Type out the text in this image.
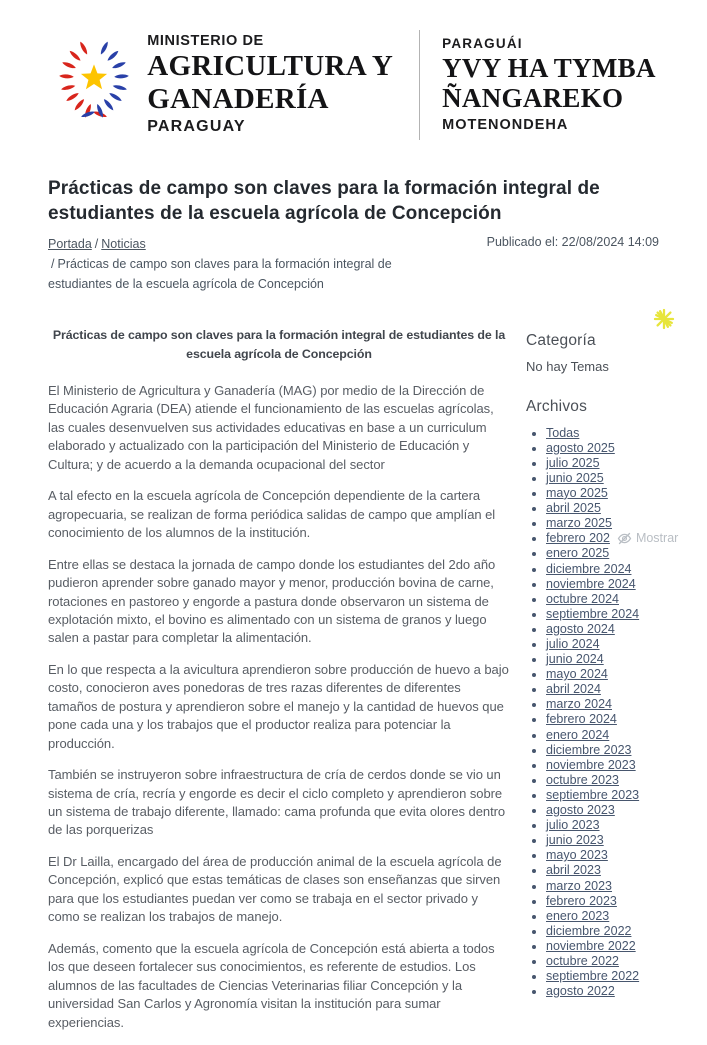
MINISTERIO DE
AGRICULTURA Y
GANADERÍA
PARAGUAY
PARAGUÁI
YVY HA TYMBA
ÑANGAREKO
MOTENONDEHA
Prácticas de campo son claves para la formación integral de estudiantes de la escuela agrícola de Concepción
Portada / Noticias
/ Prácticas de campo son claves para la formación integral de estudiantes de la escuela agrícola de Concepción
Publicado el: 22/08/2024 14:09
Prácticas de campo son claves para la formación integral de estudiantes de la escuela agrícola de Concepción

El Ministerio de Agricultura y Ganadería (MAG) por medio de la Dirección de Educación Agraria (DEA) atiende el funcionamiento de las escuelas agrícolas, las cuales desenvuelven sus actividades educativas en base a un curriculum elaborado y actualizado con la participación del Ministerio de Educación y Cultura; y de acuerdo a la demanda ocupacional del sector

A tal efecto en la escuela agrícola de Concepción dependiente de la cartera agropecuaria, se realizan de forma periódica salidas de campo que amplían el conocimiento de los alumnos de la institución.

Entre ellas se destaca la jornada de campo donde los estudiantes del 2do año pudieron aprender sobre ganado mayor y menor, producción bovina de carne, rotaciones en pastoreo y engorde a pastura donde observaron un sistema de explotación mixto, el bovino es alimentado con un sistema de granos y luego salen a pastar para completar la alimentación.

En lo que respecta a la avicultura aprendieron sobre producción de huevo a bajo costo, conocieron aves ponedoras de tres razas diferentes de diferentes tamaños de postura y aprendieron sobre el manejo y la cantidad de huevos que pone cada una y los trabajos que el productor realiza para potenciar la producción.

También se instruyeron sobre infraestructura de cría de cerdos donde se vio un sistema de cría, recría y engorde es decir el ciclo completo y aprendieron sobre un sistema de trabajo diferente, llamado: cama profunda que evita olores dentro de las porquerizas

El Dr Lailla, encargado del área de producción animal de la escuela agrícola de Concepción, explicó que estas temáticas de clases son enseñanzas que sirven para que los estudiantes puedan ver como se trabaja en el sector privado y como se realizan los trabajos de manejo.

Además, comento que la escuela agrícola de Concepción está abierta a todos los que deseen fortalecer sus conocimientos, es referente de estudios. Los alumnos de las facultades de Ciencias Veterinarias filiar Concepción y la universidad San Carlos y Agronomía visitan la institución para sumar experiencias.

Categoría
No hay Temas
Archivos
• Todas
• agosto 2025
• julio 2025
• junio 2025
• mayo 2025
• abril 2025
• marzo 2025
• febrero 202 Mostrar
• enero 2025
• diciembre 2024
• noviembre 2024
• octubre 2024
• septiembre 2024
• agosto 2024
• julio 2024
• junio 2024
• mayo 2024
• abril 2024
• marzo 2024
• febrero 2024
• enero 2024
• diciembre 2023
• noviembre 2023
• octubre 2023
• septiembre 2023
• agosto 2023
• julio 2023
• junio 2023
• mayo 2023
• abril 2023
• marzo 2023
• febrero 2023
• enero 2023
• diciembre 2022
• noviembre 2022
• octubre 2022
• septiembre 2022
• agosto 2022
